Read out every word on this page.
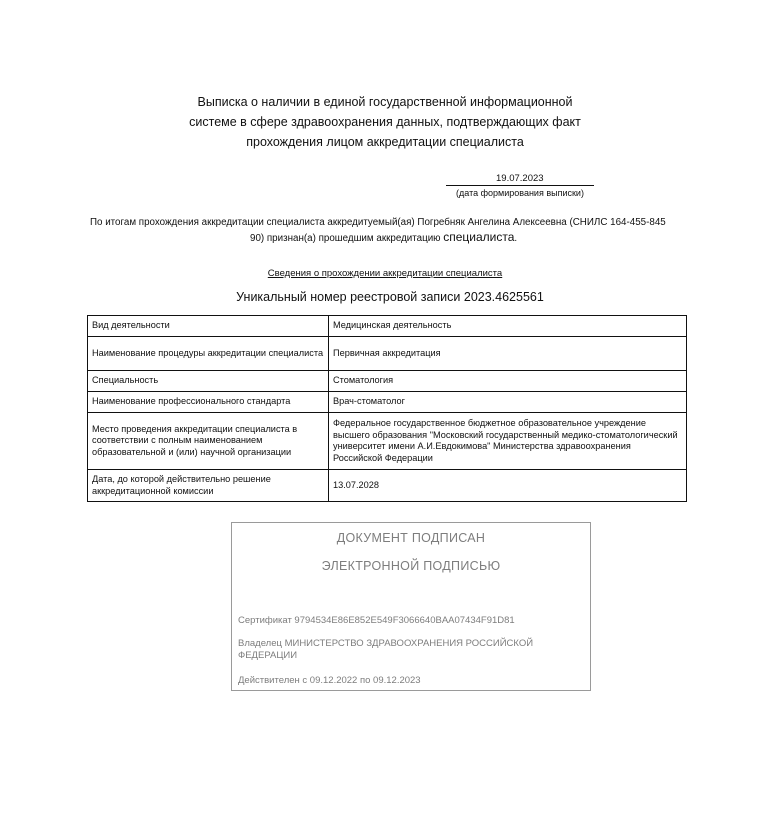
Выписка о наличии в единой государственной информационной
системе в сфере здравоохранения данных, подтверждающих факт
прохождения лицом аккредитации специалиста
19.07.2023
(дата формирования выписки)
По итогам прохождения аккредитации специалиста аккредитуемый(ая) Погребняк Ангелина Алексеевна (СНИЛС 164-455-845
90) признан(а) прошедшим аккредитацию специалиста.
Сведения о прохождении аккредитации специалиста
Уникальный номер реестровой записи 2023.4625561
Вид деятельности	Медицинская деятельность
Наименование процедуры аккредитации специалиста	Первичная аккредитация
Специальность	Стоматология
Наименование профессионального стандарта	Врач-стоматолог
Место проведения аккредитации специалиста в соответствии с полным наименованием образовательной и (или) научной организации	Федеральное государственное бюджетное образовательное учреждение высшего образования "Московский государственный медико-стоматологический университет имени А.И.Евдокимова" Министерства здравоохранения Российской Федерации
Дата, до которой действительно решение аккредитационной комиссии	13.07.2028
ДОКУМЕНТ ПОДПИСАН
ЭЛЕКТРОННОЙ ПОДПИСЬЮ
Сертификат 9794534E86E852E549F3066640BAA07434F91D81
Владелец МИНИСТЕРСТВО ЗДРАВООХРАНЕНИЯ РОССИЙСКОЙ ФЕДЕРАЦИИ
Действителен с 09.12.2022 по 09.12.2023
